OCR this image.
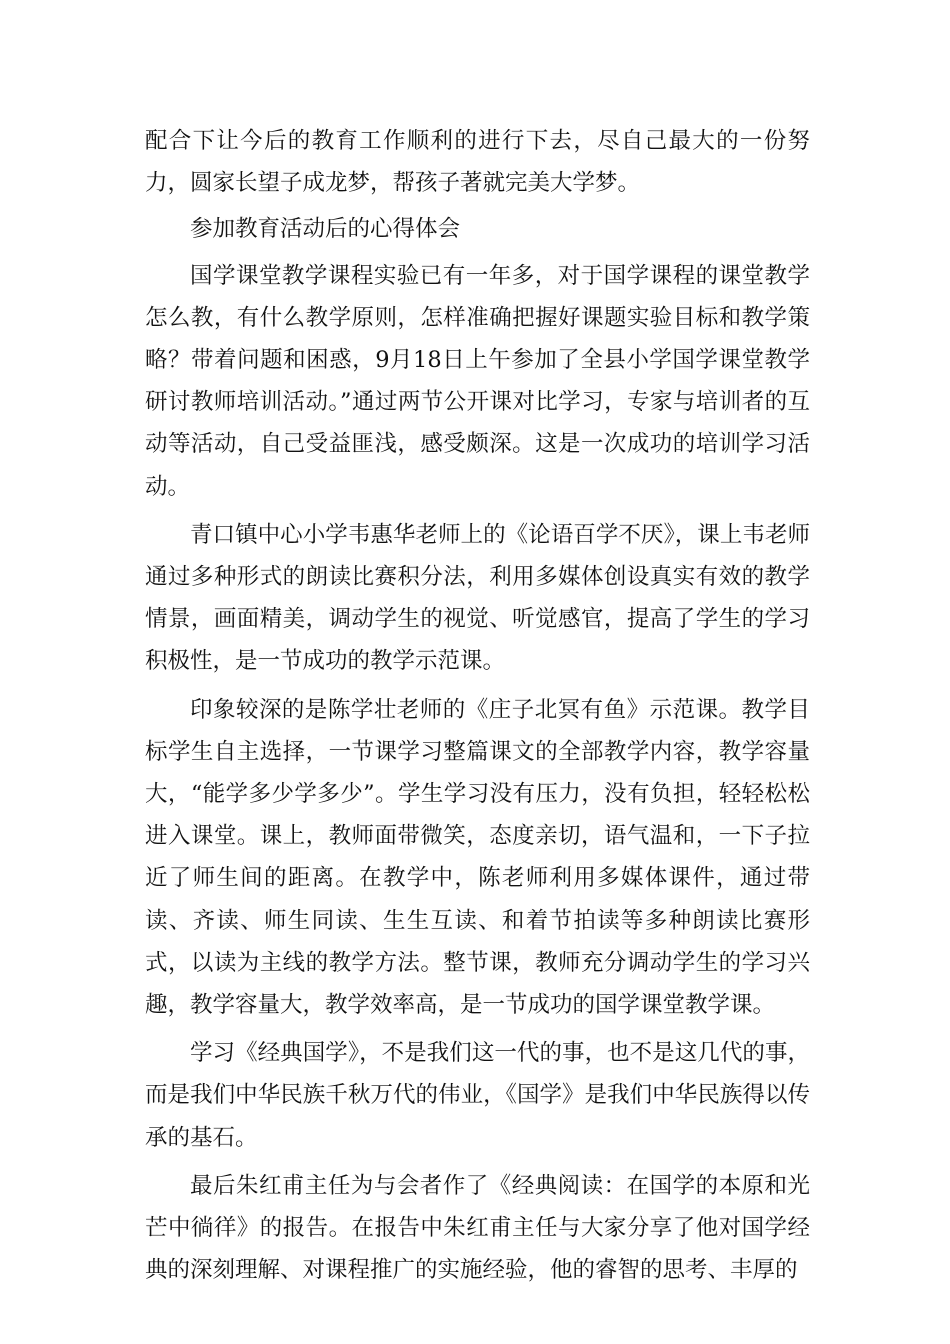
配合下让今后的教育工作顺利的进行下去，尽自己最大的一份努力，圆家长望子成龙梦，帮孩子著就完美大学梦。

参加教育活动后的心得体会

国学课堂教学课程实验已有一年多，对于国学课程的课堂教学怎么教，有什么教学原则，怎样准确把握好课题实验目标和教学策略？带着问题和困惑，9月18日上午参加了全县小学国学课堂教学研讨教师培训活动。”通过两节公开课对比学习，专家与培训者的互动等活动，自己受益匪浅，感受颇深。这是一次成功的培训学习活动。

青口镇中心小学韦惠华老师上的《论语百学不厌》，课上韦老师通过多种形式的朗读比赛积分法，利用多媒体创设真实有效的教学情景，画面精美，调动学生的视觉、听觉感官，提高了学生的学习积极性，是一节成功的教学示范课。

印象较深的是陈学壮老师的《庄子北冥有鱼》示范课。教学目标学生自主选择，一节课学习整篇课文的全部教学内容，教学容量大，“能学多少学多少”。学生学习没有压力，没有负担，轻轻松松进入课堂。课上，教师面带微笑，态度亲切，语气温和，一下子拉近了师生间的距离。在教学中，陈老师利用多媒体课件，通过带读、齐读、师生同读、生生互读、和着节拍读等多种朗读比赛形式，以读为主线的教学方法。整节课，教师充分调动学生的学习兴趣，教学容量大，教学效率高，是一节成功的国学课堂教学课。

学习《经典国学》，不是我们这一代的事，也不是这几代的事，而是我们中华民族千秋万代的伟业，《国学》是我们中华民族得以传承的基石。

最后朱红甫主任为与会者作了《经典阅读：在国学的本原和光芒中徜徉》的报告。在报告中朱红甫主任与大家分享了他对国学经典的深刻理解、对课程推广的实施经验，他的睿智的思考、丰厚的
